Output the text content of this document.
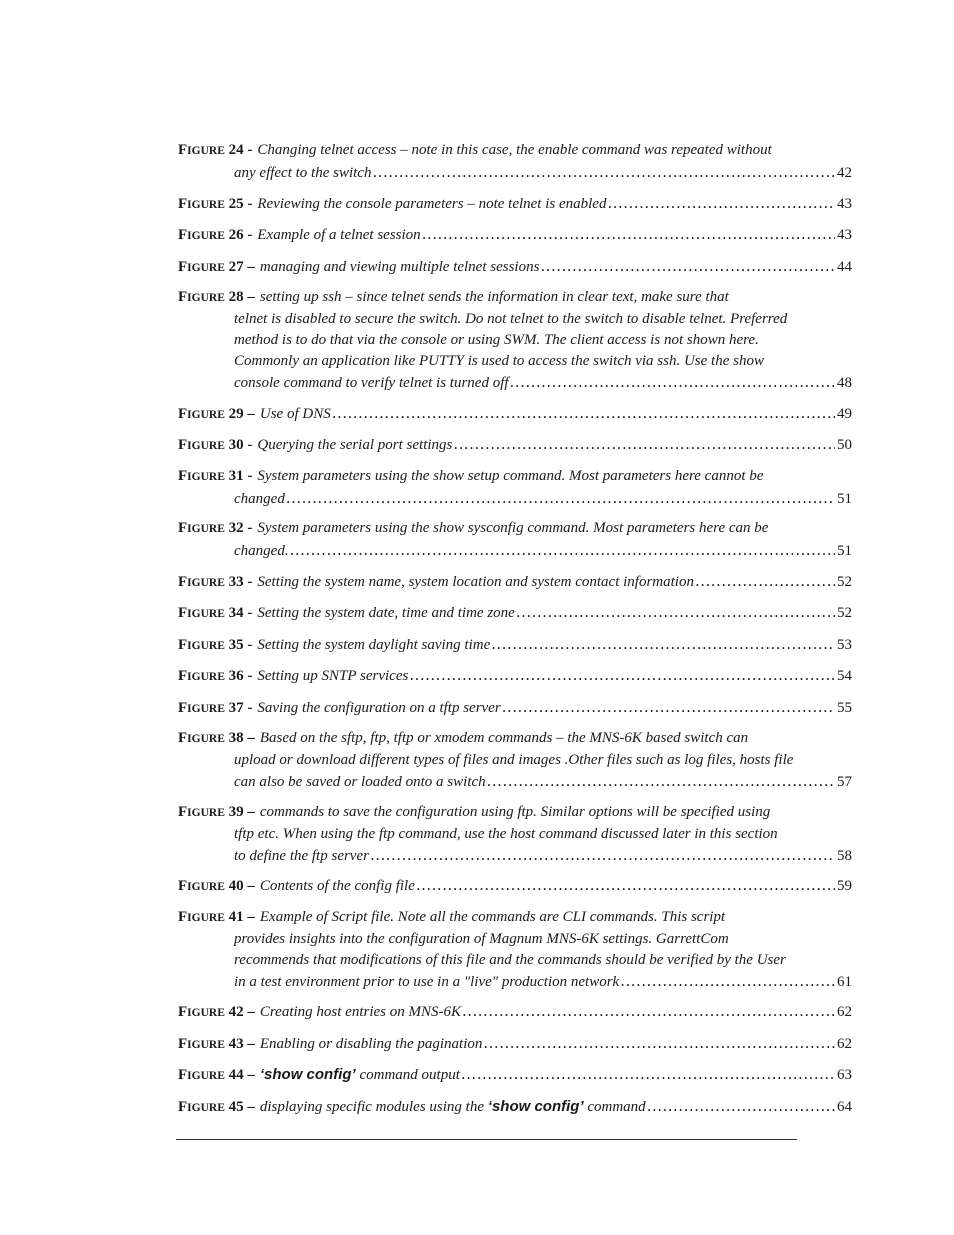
FIGURE 24 - Changing telnet access – note in this case, the enable command was repeated without
any effect to the switch .....	42
FIGURE 25 - Reviewing the console parameters – note telnet is enabled .....	43
FIGURE 26 - Example of a telnet session .....	43
FIGURE 27 – managing and viewing multiple telnet sessions .....	44
FIGURE 28 – setting up ssh – since telnet sends the information in clear text, make sure that
telnet is disabled to secure the switch. Do not telnet to the switch to disable telnet. Preferred
method is to do that via the console or using SWM. The client access is not shown here.
Commonly an application like PUTTY is used to access the switch via ssh. Use the show
console command to verify telnet is turned off .....	48
FIGURE 29 – Use of DNS .....	49
FIGURE 30 - Querying the serial port settings .....	50
FIGURE 31 - System parameters using the show setup command. Most parameters here cannot be
changed .....	51
FIGURE 32 - System parameters using the show sysconfig command. Most parameters here can be
changed. .....	51
FIGURE 33 - Setting the system name, system location and system contact information .....	52
FIGURE 34 - Setting the system date, time and time zone .....	52
FIGURE 35 - Setting the system daylight saving time .....	53
FIGURE 36 - Setting up SNTP services .....	54
FIGURE 37 - Saving the configuration on a tftp server .....	55
FIGURE 38 – Based on the sftp, ftp, tftp or xmodem commands – the MNS-6K based switch can
upload or download different types of files and images .Other files such as log files, hosts file
can also be saved or loaded onto a switch .....	57
FIGURE 39 – commands to save the configuration using ftp. Similar options will be specified using
tftp etc. When using the ftp command, use the host command discussed later in this section
to define the ftp server .....	58
FIGURE 40 – Contents of the config file .....	59
FIGURE 41 – Example of Script file. Note all the commands are CLI commands. This script
provides insights into the configuration of Magnum MNS-6K settings. GarrettCom
recommends that modifications of this file and the commands should be verified by the User
in a test environment prior to use in a "live" production network .....	61
FIGURE 42 – Creating host entries on MNS-6K .....	62
FIGURE 43 – Enabling or disabling the pagination .....	62
FIGURE 44 – ‘show config’ command output .....	63
FIGURE 45 – displaying specific modules using the ‘show config’ command .....	64
